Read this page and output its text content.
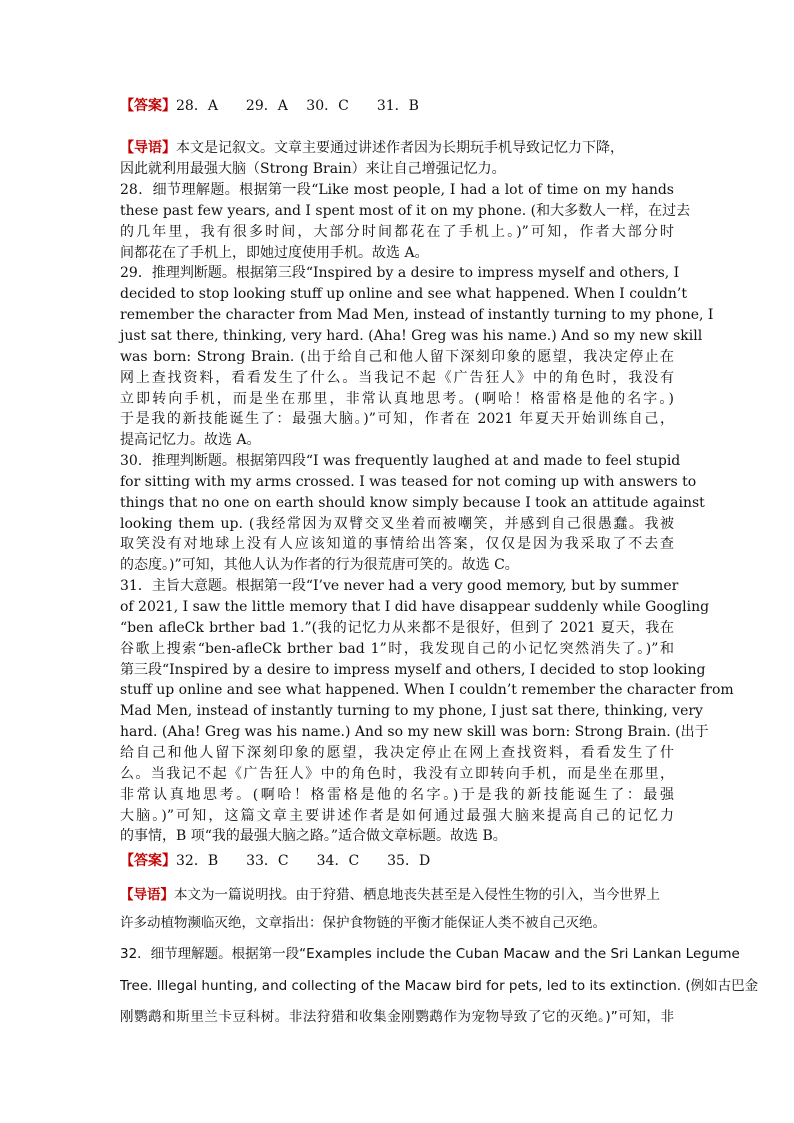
【答案】28．A　　29．A　 30．C　　31．B
【导语】本文是记叙文。文章主要通过讲述作者因为长期玩手机导致记忆力下降，
因此就利用最强大脑（Strong Brain）来让自己增强记忆力。
28．细节理解题。根据第一段“Like most people, I had a lot of time on my hands
these past few years, and I spent most of it on my phone. (和大多数人一样，在过去
的几年里，我有很多时间，大部分时间都花在了手机上。)”可知，作者大部分时
间都花在了手机上，即她过度使用手机。故选 A。
29．推理判断题。根据第三段“Inspired by a desire to impress myself and others, I
decided to stop looking stuff up online and see what happened. When I couldn’t
remember the character from Mad Men, instead of instantly turning to my phone, I
just sat there, thinking, very hard. (Aha! Greg was his name.) And so my new skill
was born: Strong Brain. (出于给自己和他人留下深刻印象的愿望，我决定停止在
网上查找资料，看看发生了什么。当我记不起《广告狂人》中的角色时，我没有
立即转向手机，而是坐在那里，非常认真地思考。(啊哈！格雷格是他的名字。)
于是我的新技能诞生了：最强大脑。)”可知，作者在 2021 年夏天开始训练自己，
提高记忆力。故选 A。
30．推理判断题。根据第四段“I was frequently laughed at and made to feel stupid
for sitting with my arms crossed. I was teased for not coming up with answers to
things that no one on earth should know simply because I took an attitude against
looking them up. (我经常因为双臂交叉坐着而被嘲笑，并感到自己很愚蠢。我被
取笑没有对地球上没有人应该知道的事情给出答案，仅仅是因为我采取了不去查
的态度。)”可知，其他人认为作者的行为很荒唐可笑的。故选 C。
31．主旨大意题。根据第一段“I’ve never had a very good memory, but by summer
of 2021, I saw the little memory that I did have disappear suddenly while Googling
“ben afleCk brther bad 1.”(我的记忆力从来都不是很好，但到了 2021 夏天，我在
谷歌上搜索“ben-afleCk brther bad 1”时，我发现自己的小记忆突然消失了。)”和
第三段“Inspired by a desire to impress myself and others, I decided to stop looking
stuff up online and see what happened. When I couldn’t remember the character from
Mad Men, instead of instantly turning to my phone, I just sat there, thinking, very
hard. (Aha! Greg was his name.) And so my new skill was born: Strong Brain. (出于
给自己和他人留下深刻印象的愿望，我决定停止在网上查找资料，看看发生了什
么。当我记不起《广告狂人》中的角色时，我没有立即转向手机，而是坐在那里，
非常认真地思考。(啊哈！格雷格是他的名字。)于是我的新技能诞生了：最强
大脑。)”可知，这篇文章主要讲述作者是如何通过最强大脑来提高自己的记忆力
的事情，B 项“我的最强大脑之路。”适合做文章标题。故选 B。
【答案】32．B　　33．C　　34．C　　35．D
【导语】本文为一篇说明找。由于狩猎、栖息地丧失甚至是入侵性生物的引入，当今世界上
许多动植物濒临灭绝，文章指出：保护食物链的平衡才能保证人类不被自己灭绝。
32．细节理解题。根据第一段“Examples include the Cuban Macaw and the Sri Lankan Legume
Tree. Illegal hunting, and collecting of the Macaw bird for pets, led to its extinction. (例如古巴金
刚鹦鹉和斯里兰卡豆科树。非法狩猎和收集金刚鹦鹉作为宠物导致了它的灭绝。)”可知，非
